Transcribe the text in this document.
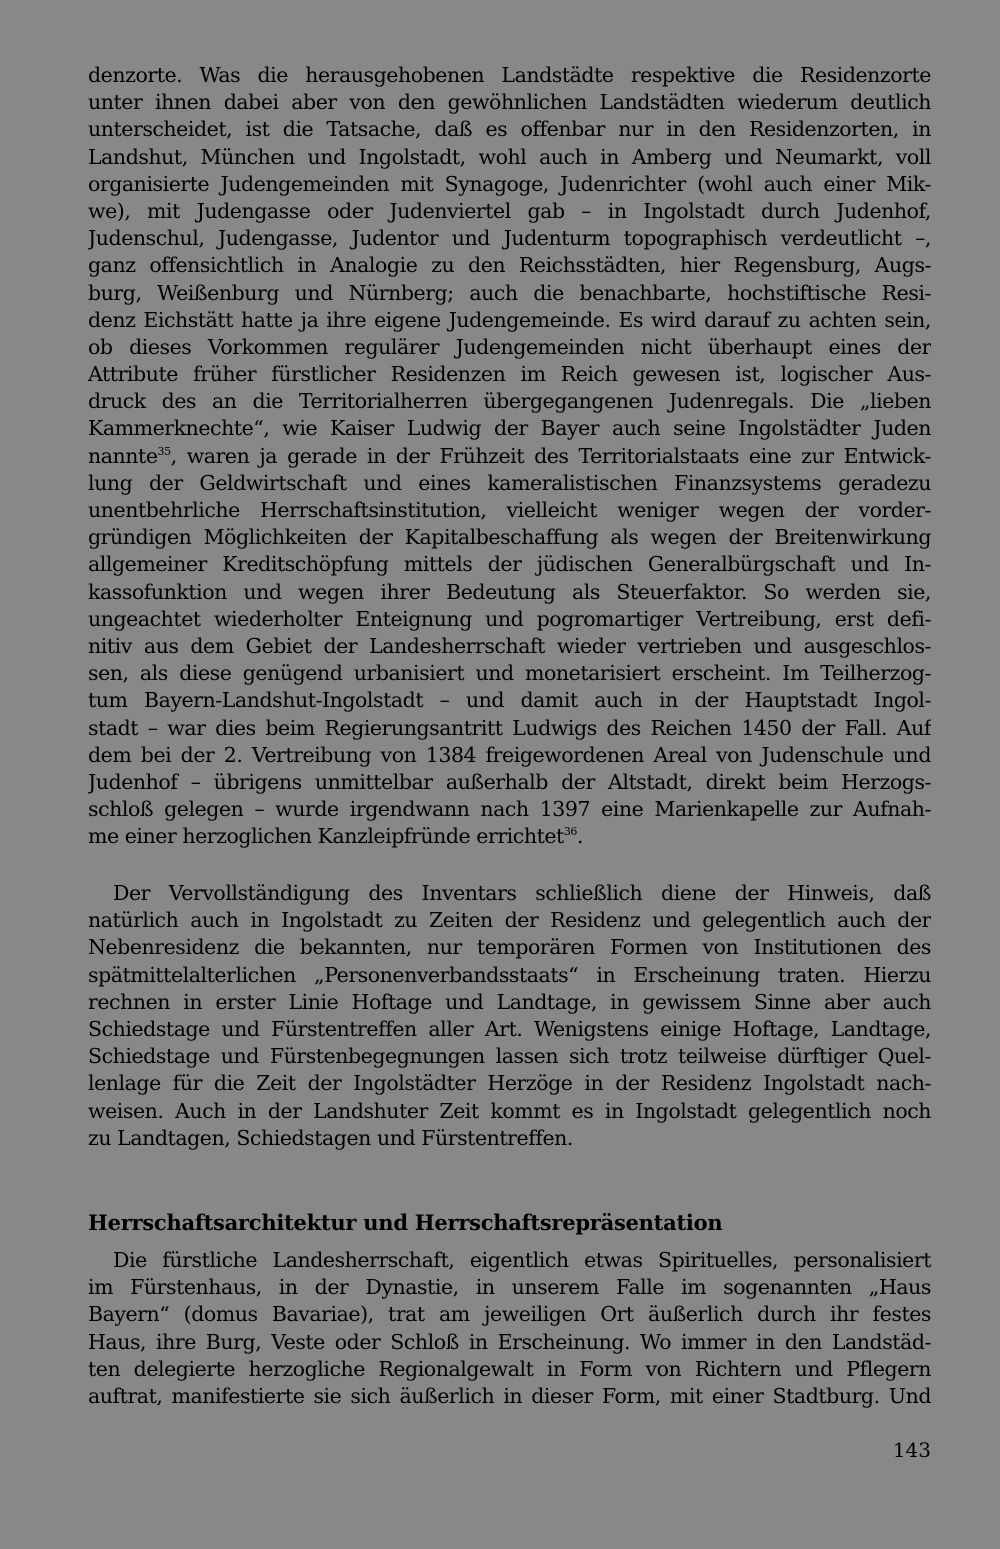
denzorte. Was die herausgehobenen Landstädte respektive die Residenzorte
unter ihnen dabei aber von den gewöhnlichen Landstädten wiederum deutlich
unterscheidet, ist die Tatsache, daß es offenbar nur in den Residenzorten, in
Landshut, München und Ingolstadt, wohl auch in Amberg und Neumarkt, voll
organisierte Judengemeinden mit Synagoge, Judenrichter (wohl auch einer Mik-
we), mit Judengasse oder Judenviertel gab – in Ingolstadt durch Judenhof,
Judenschul, Judengasse, Judentor und Judenturm topographisch verdeutlicht –,
ganz offensichtlich in Analogie zu den Reichsstädten, hier Regensburg, Augs-
burg, Weißenburg und Nürnberg; auch die benachbarte, hochstiftische Resi-
denz Eichstätt hatte ja ihre eigene Judengemeinde. Es wird darauf zu achten sein,
ob dieses Vorkommen regulärer Judengemeinden nicht überhaupt eines der
Attribute früher fürstlicher Residenzen im Reich gewesen ist, logischer Aus-
druck des an die Territorialherren übergegangenen Judenregals. Die „lieben
Kammerknechte“, wie Kaiser Ludwig der Bayer auch seine Ingolstädter Juden
nannte$^{35}$, waren ja gerade in der Frühzeit des Territorialstaats eine zur Entwick-
lung der Geldwirtschaft und eines kameralistischen Finanzsystems geradezu
unentbehrliche Herrschaftsinstitution, vielleicht weniger wegen der vorder-
gründigen Möglichkeiten der Kapitalbeschaffung als wegen der Breitenwirkung
allgemeiner Kreditschöpfung mittels der jüdischen Generalbürgschaft und In-
kassofunktion und wegen ihrer Bedeutung als Steuerfaktor. So werden sie,
ungeachtet wiederholter Enteignung und pogromartiger Vertreibung, erst defi-
nitiv aus dem Gebiet der Landesherrschaft wieder vertrieben und ausgeschlos-
sen, als diese genügend urbanisiert und monetarisiert erscheint. Im Teilherzog-
tum Bayern-Landshut-Ingolstadt – und damit auch in der Hauptstadt Ingol-
stadt – war dies beim Regierungsantritt Ludwigs des Reichen 1450 der Fall. Auf
dem bei der 2. Vertreibung von 1384 freigewordenen Areal von Judenschule und
Judenhof – übrigens unmittelbar außerhalb der Altstadt, direkt beim Herzogs-
schloß gelegen – wurde irgendwann nach 1397 eine Marienkapelle zur Aufnah-
me einer herzoglichen Kanzleipfründe errichtet$^{36}$.
Der Vervollständigung des Inventars schließlich diene der Hinweis, daß
natürlich auch in Ingolstadt zu Zeiten der Residenz und gelegentlich auch der
Nebenresidenz die bekannten, nur temporären Formen von Institutionen des
spätmittelalterlichen „Personenverbandsstaats“ in Erscheinung traten. Hierzu
rechnen in erster Linie Hoftage und Landtage, in gewissem Sinne aber auch
Schiedstage und Fürstentreffen aller Art. Wenigstens einige Hoftage, Landtage,
Schiedstage und Fürstenbegegnungen lassen sich trotz teilweise dürftiger Quel-
lenlage für die Zeit der Ingolstädter Herzöge in der Residenz Ingolstadt nach-
weisen. Auch in der Landshuter Zeit kommt es in Ingolstadt gelegentlich noch
zu Landtagen, Schiedstagen und Fürstentreffen.
Herrschaftsarchitektur und Herrschaftsrepräsentation
Die fürstliche Landesherrschaft, eigentlich etwas Spirituelles, personalisiert
im Fürstenhaus, in der Dynastie, in unserem Falle im sogenannten „Haus
Bayern“ (domus Bavariae), trat am jeweiligen Ort äußerlich durch ihr festes
Haus, ihre Burg, Veste oder Schloß in Erscheinung. Wo immer in den Landstäd-
ten delegierte herzogliche Regionalgewalt in Form von Richtern und Pflegern
auftrat, manifestierte sie sich äußerlich in dieser Form, mit einer Stadtburg. Und
143
